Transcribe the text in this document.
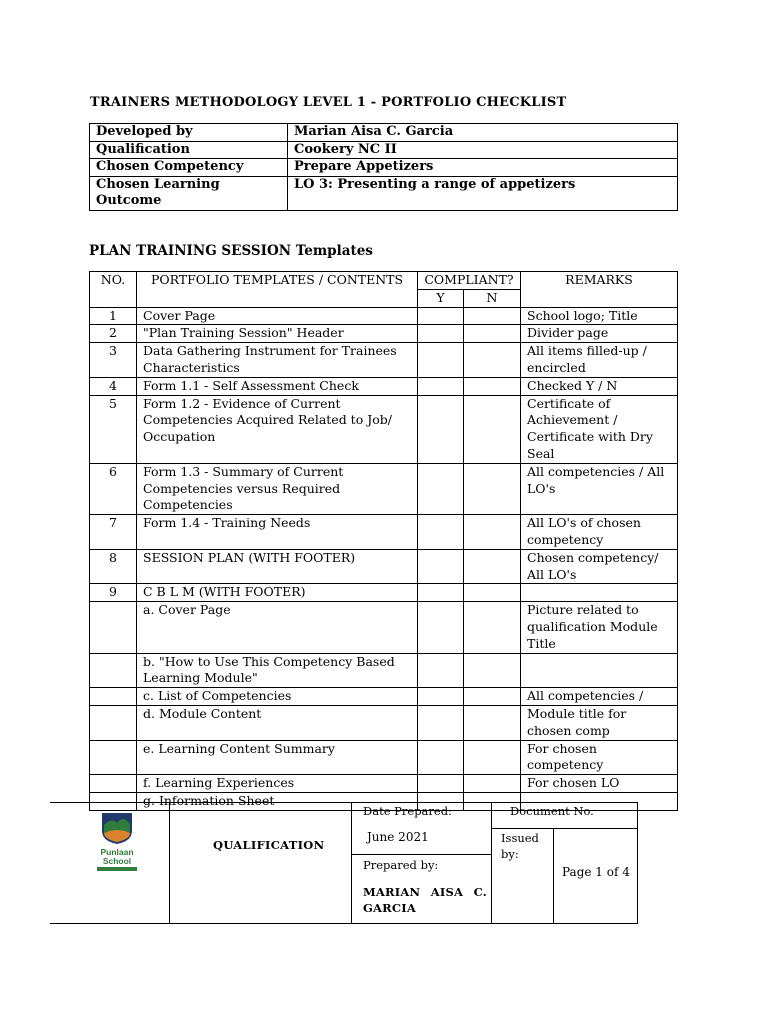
TRAINERS METHODOLOGY LEVEL 1 - PORTFOLIO CHECKLIST
Developed by	Marian Aisa C. Garcia
Qualification	Cookery NC II
Chosen Competency	Prepare Appetizers
Chosen Learning Outcome	LO 3: Presenting a range of appetizers
PLAN TRAINING SESSION Templates
NO.	PORTFOLIO TEMPLATES / CONTENTS	COMPLIANT?		REMARKS
		Y	N	
1	Cover Page			School logo; Title
2	"Plan Training Session" Header			Divider page
3	Data Gathering Instrument for Trainees Characteristics			All items filled-up / encircled
4	Form 1.1 - Self Assessment Check			Checked Y / N
5	Form 1.2 - Evidence of Current Competencies Acquired Related to Job/ Occupation			Certificate of Achievement / Certificate with Dry Seal
6	Form 1.3 - Summary of Current Competencies versus Required Competencies			All competencies / All LO's
7	Form 1.4 - Training Needs			All LO's of chosen competency
8	SESSION PLAN (WITH FOOTER)			Chosen competency/ All LO's
9	C B L M (WITH FOOTER)			
	a. Cover Page			Picture related to qualification Module Title
	b. "How to Use This Competency Based Learning Module"			
	c. List of Competencies			All competencies /
	d. Module Content			Module title for chosen comp
	e. Learning Content Summary			For chosen competency
	f. Learning Experiences			For chosen LO
	g. Information Sheet			
Punlaan
School
QUALIFICATION
Date Prepared:
June 2021
Prepared by:
MARIAN AISA C. GARCIA
Document No.
Issued by:
Page 1 of 4
